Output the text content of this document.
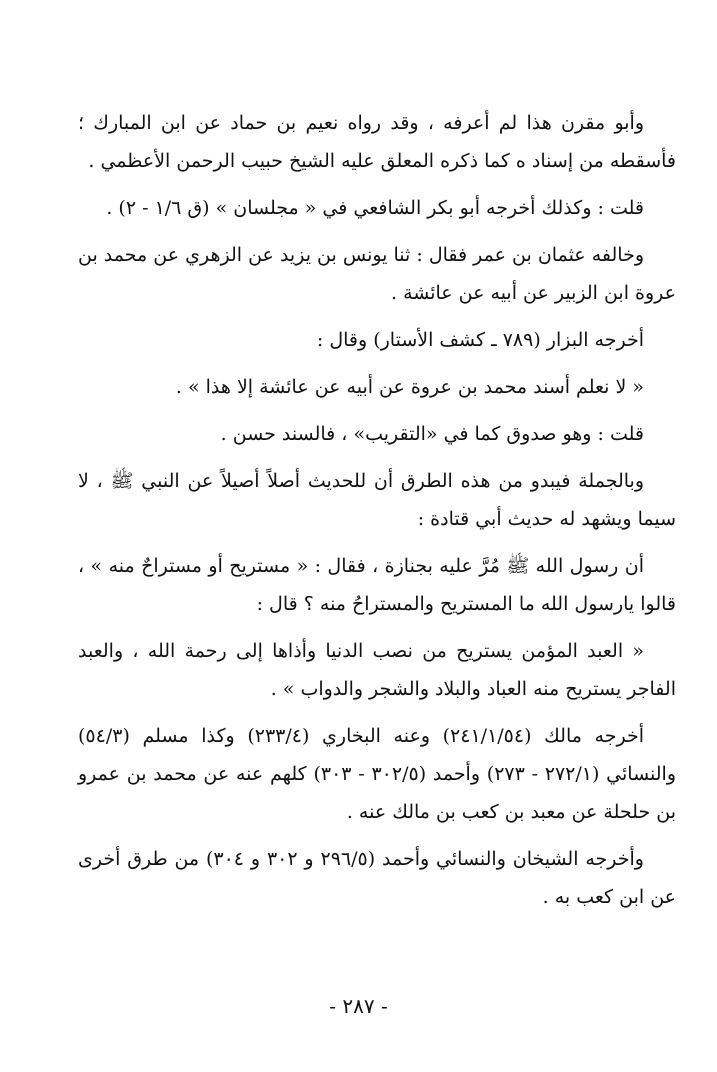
وأبو مقرن هذا لم أعرفه ، وقد رواه نعيم بن حماد عن ابن المبارك ؛ فأسقطه من إسناد ه كما ذكره المعلق عليه الشيخ حبيب الرحمن الأعظمي .

قلت : وكذلك أخرجه أبو بكر الشافعي في « مجلسان » (ق ١/٦ - ٢) .

وخالفه عثمان بن عمر فقال : ثنا يونس بن يزيد عن الزهري عن محمد بن عروة ابن الزبير عن أبيه عن عائشة .

أخرجه البزار (٧٨٩ ـ كشف الأستار) وقال :

« لا نعلم أسند محمد بن عروة عن أبيه عن عائشة إلا هذا » .

قلت : وهو صدوق كما في «التقريب» ، فالسند حسن .

وبالجملة فيبدو من هذه الطرق أن للحديث أصلاً أصيلاً عن النبي ﷺ ، لا سيما ويشهد له حديث أبي قتادة :

أن رسول الله ﷺ مُرَّ عليه بجنازة ، فقال : « مستريح أو مستراحٌ منه » ، قالوا يارسول الله ما المستريح والمستراحُ منه ؟ قال :

« العبد المؤمن يستريح من نصب الدنيا وأذاها إلى رحمة الله ، والعبد الفاجر يستريح منه العباد والبلاد والشجر والدواب » .

أخرجه مالك (٢٤١/١/٥٤) وعنه البخاري (٢٣٣/٤) وكذا مسلم (٥٤/٣) والنسائي (٢٧٢/١ - ٢٧٣) وأحمد (٣٠٢/٥ - ٣٠٣) كلهم عنه عن محمد بن عمرو بن حلحلة عن معبد بن كعب بن مالك عنه .

وأخرجه الشيخان والنسائي وأحمد (٢٩٦/٥ و ٣٠٢ و ٣٠٤) من طرق أخرى عن ابن كعب به .

- ٢٨٧ -
